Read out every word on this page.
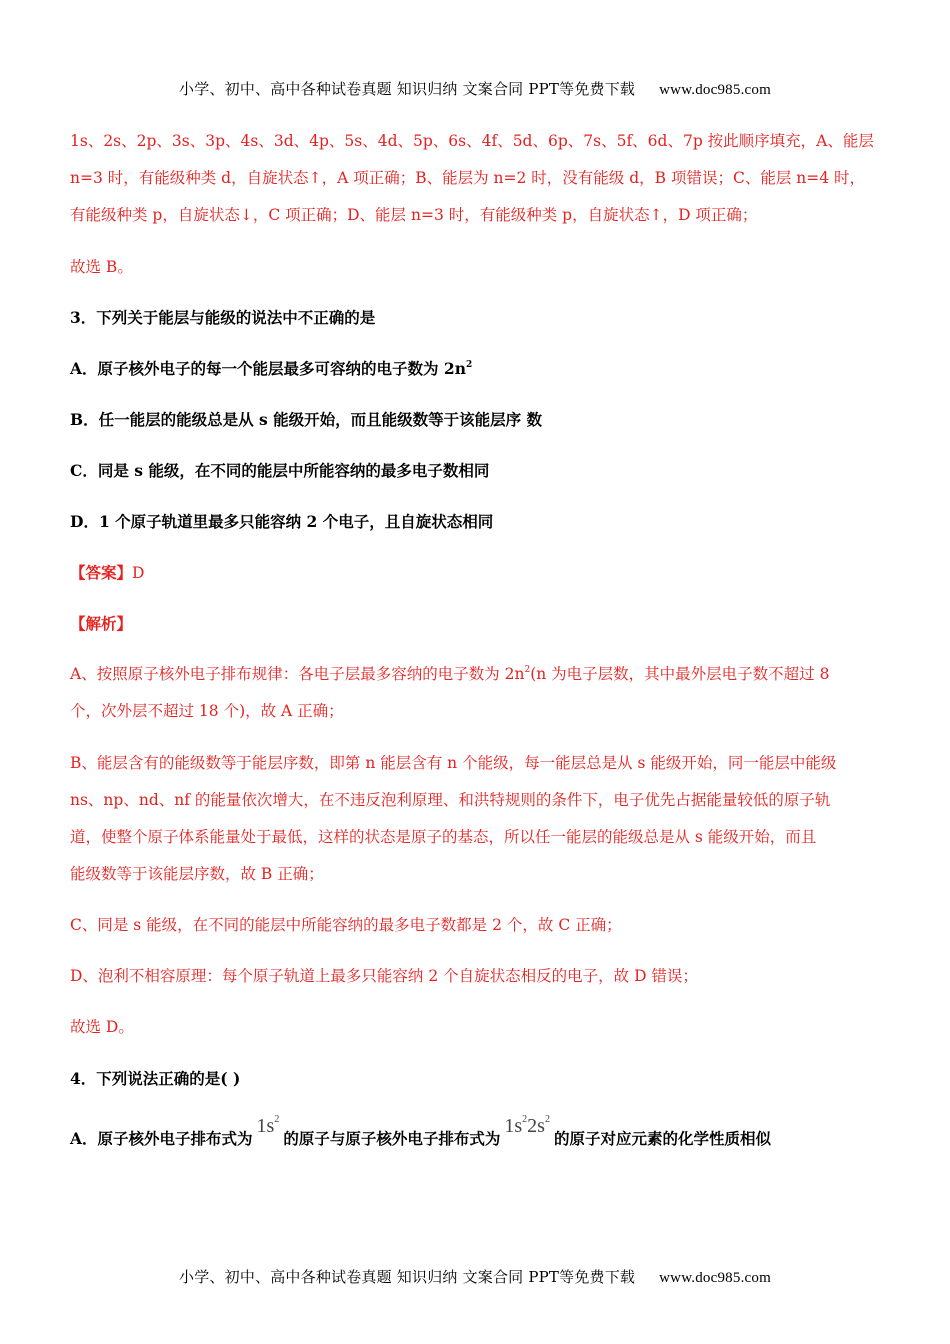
小学、初中、高中各种试卷真题 知识归纳 文案合同 PPT等免费下载 www.doc985.com
1s、2s、2p、3s、3p、4s、3d、4p、5s、4d、5p、6s、4f、5d、6p、7s、5f、6d、7p 按此顺序填充，A、能层
n=3 时，有能级种类 d，自旋状态↑，A 项正确；B、能层为 n=2 时，没有能级 d，B 项错误；C、能层 n=4 时，
有能级种类 p，自旋状态↓，C 项正确；D、能层 n=3 时，有能级种类 p，自旋状态↑，D 项正确；
故选 B。
3．下列关于能层与能级的说法中不正确的是
A．原子核外电子的每一个能层最多可容纳的电子数为 $2n^2$
B．任一能层的能级总是从 s 能级开始，而且能级数等于该能层序 数
C．同是 s 能级，在不同的能层中所能容纳的最多电子数相同
D．1 个原子轨道里最多只能容纳 2 个电子，且自旋状态相同
【答案】D
【解析】
A、按照原子核外电子排布规律：各电子层最多容纳的电子数为 $2n^2(n$ 为电子层数，其中最外层电子数不超过 8
个，次外层不超过 18 个)，故 A 正确；
B、能层含有的能级数等于能层序数，即第 n 能层含有 n 个能级，每一能层总是从 s 能级开始，同一能层中能级
ns、np、nd、nf 的能量依次增大，在不违反泡利原理、和洪特规则的条件下，电子优先占据能量较低的原子轨
道，使整个原子体系能量处于最低，这样的状态是原子的基态，所以任一能层的能级总是从 s 能级开始，而且
能级数等于该能层序数，故 B 正确；
C、同是 s 能级，在不同的能层中所能容纳的最多电子数都是 2 个，故 C 正确；
D、泡利不相容原理：每个原子轨道上最多只能容纳 2 个自旋状态相反的电子，故 D 错误；
故选 D。
4．下列说法正确的是( )
A．原子核外电子排布式为$1s^2$的原子与原子核外电子排布式为$1s^22s^2$的原子对应元素的化学性质相似
小学、初中、高中各种试卷真题 知识归纳 文案合同 PPT等免费下载 www.doc985.com
